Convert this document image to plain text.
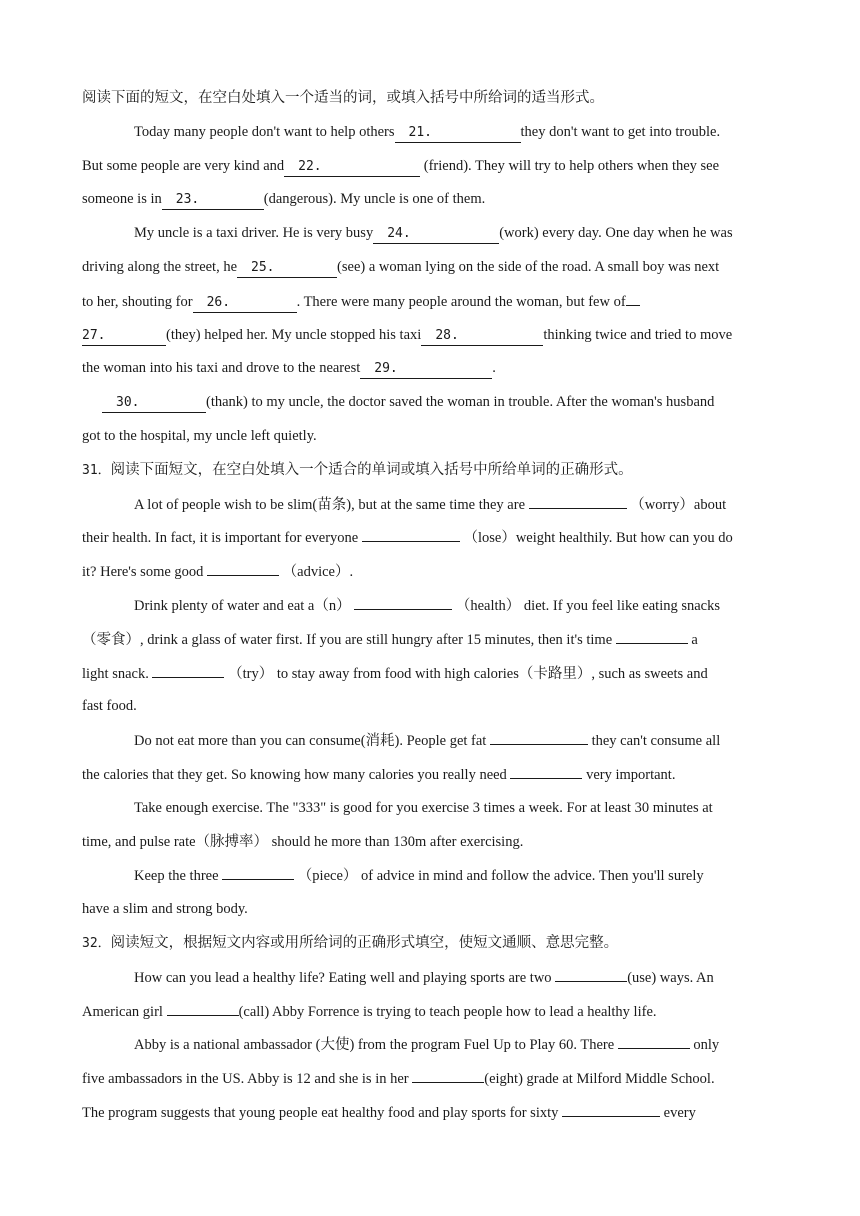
阅读下面的短文，在空白处填入一个适当的词，或填入括号中所给词的适当形式。
Today many people don't want to help others 21.	they don't want to get into trouble.
But some people are very kind and 22.	(friend). They will try to help others when they see
someone is in 23.	(dangerous). My uncle is one of them.
My uncle is a taxi driver. He is very busy 24.	(work) every day. One day when he was
driving along the street, he 25.	(see) a woman lying on the side of the road. A small boy was next
to her, shouting for 26.	. There were many people around the woman, but few of
27.	(they) helped her. My uncle stopped his taxi 28.	thinking twice and tried to move
the woman into his taxi and drove to the nearest 29.	.
30.	(thank) to my uncle, the doctor saved the woman in trouble. After the woman's husband
got to the hospital, my uncle left quietly.
31．阅读下面短文，在空白处填入一个适合的单词或填入括号中所给单词的正确形式。
A lot of people wish to be slim(苗条), but at the same time they are	（worry）about
their health. In fact, it is important for everyone	（lose）weight healthily. But how can you do
it? Here's some good	（advice）.
Drink plenty of water and eat a（n）	（health） diet. If you feel like eating snacks
（零食）, drink a glass of water first. If you are still hungry after 15 minutes, then it's time	a
light snack.	（try） to stay away from food with high calories（卡路里）, such as sweets and
fast food.
Do not eat more than you can consume(消耗). People get fat	they can't consume all
the calories that they get. So knowing how many calories you really need	very important.
Take enough exercise. The "333" is good for you exercise 3 times a week. For at least 30 minutes at
time, and pulse rate（脉搏率） should he more than 130m after exercising.
Keep the three	（piece） of advice in mind and follow the advice. Then you'll surely
have a slim and strong body.
32．阅读短文，根据短文内容或用所给词的正确形式填空，使短文通顺、意思完整。
How can you lead a healthy life? Eating well and playing sports are two	(use) ways. An
American girl	(call) Abby Forrence is trying to teach people how to lead a healthy life.
Abby is a national ambassador (大使) from the program Fuel Up to Play 60. There	only
five ambassadors in the US. Abby is 12 and she is in her	(eight) grade at Milford Middle School.
The program suggests that young people eat healthy food and play sports for sixty	every
